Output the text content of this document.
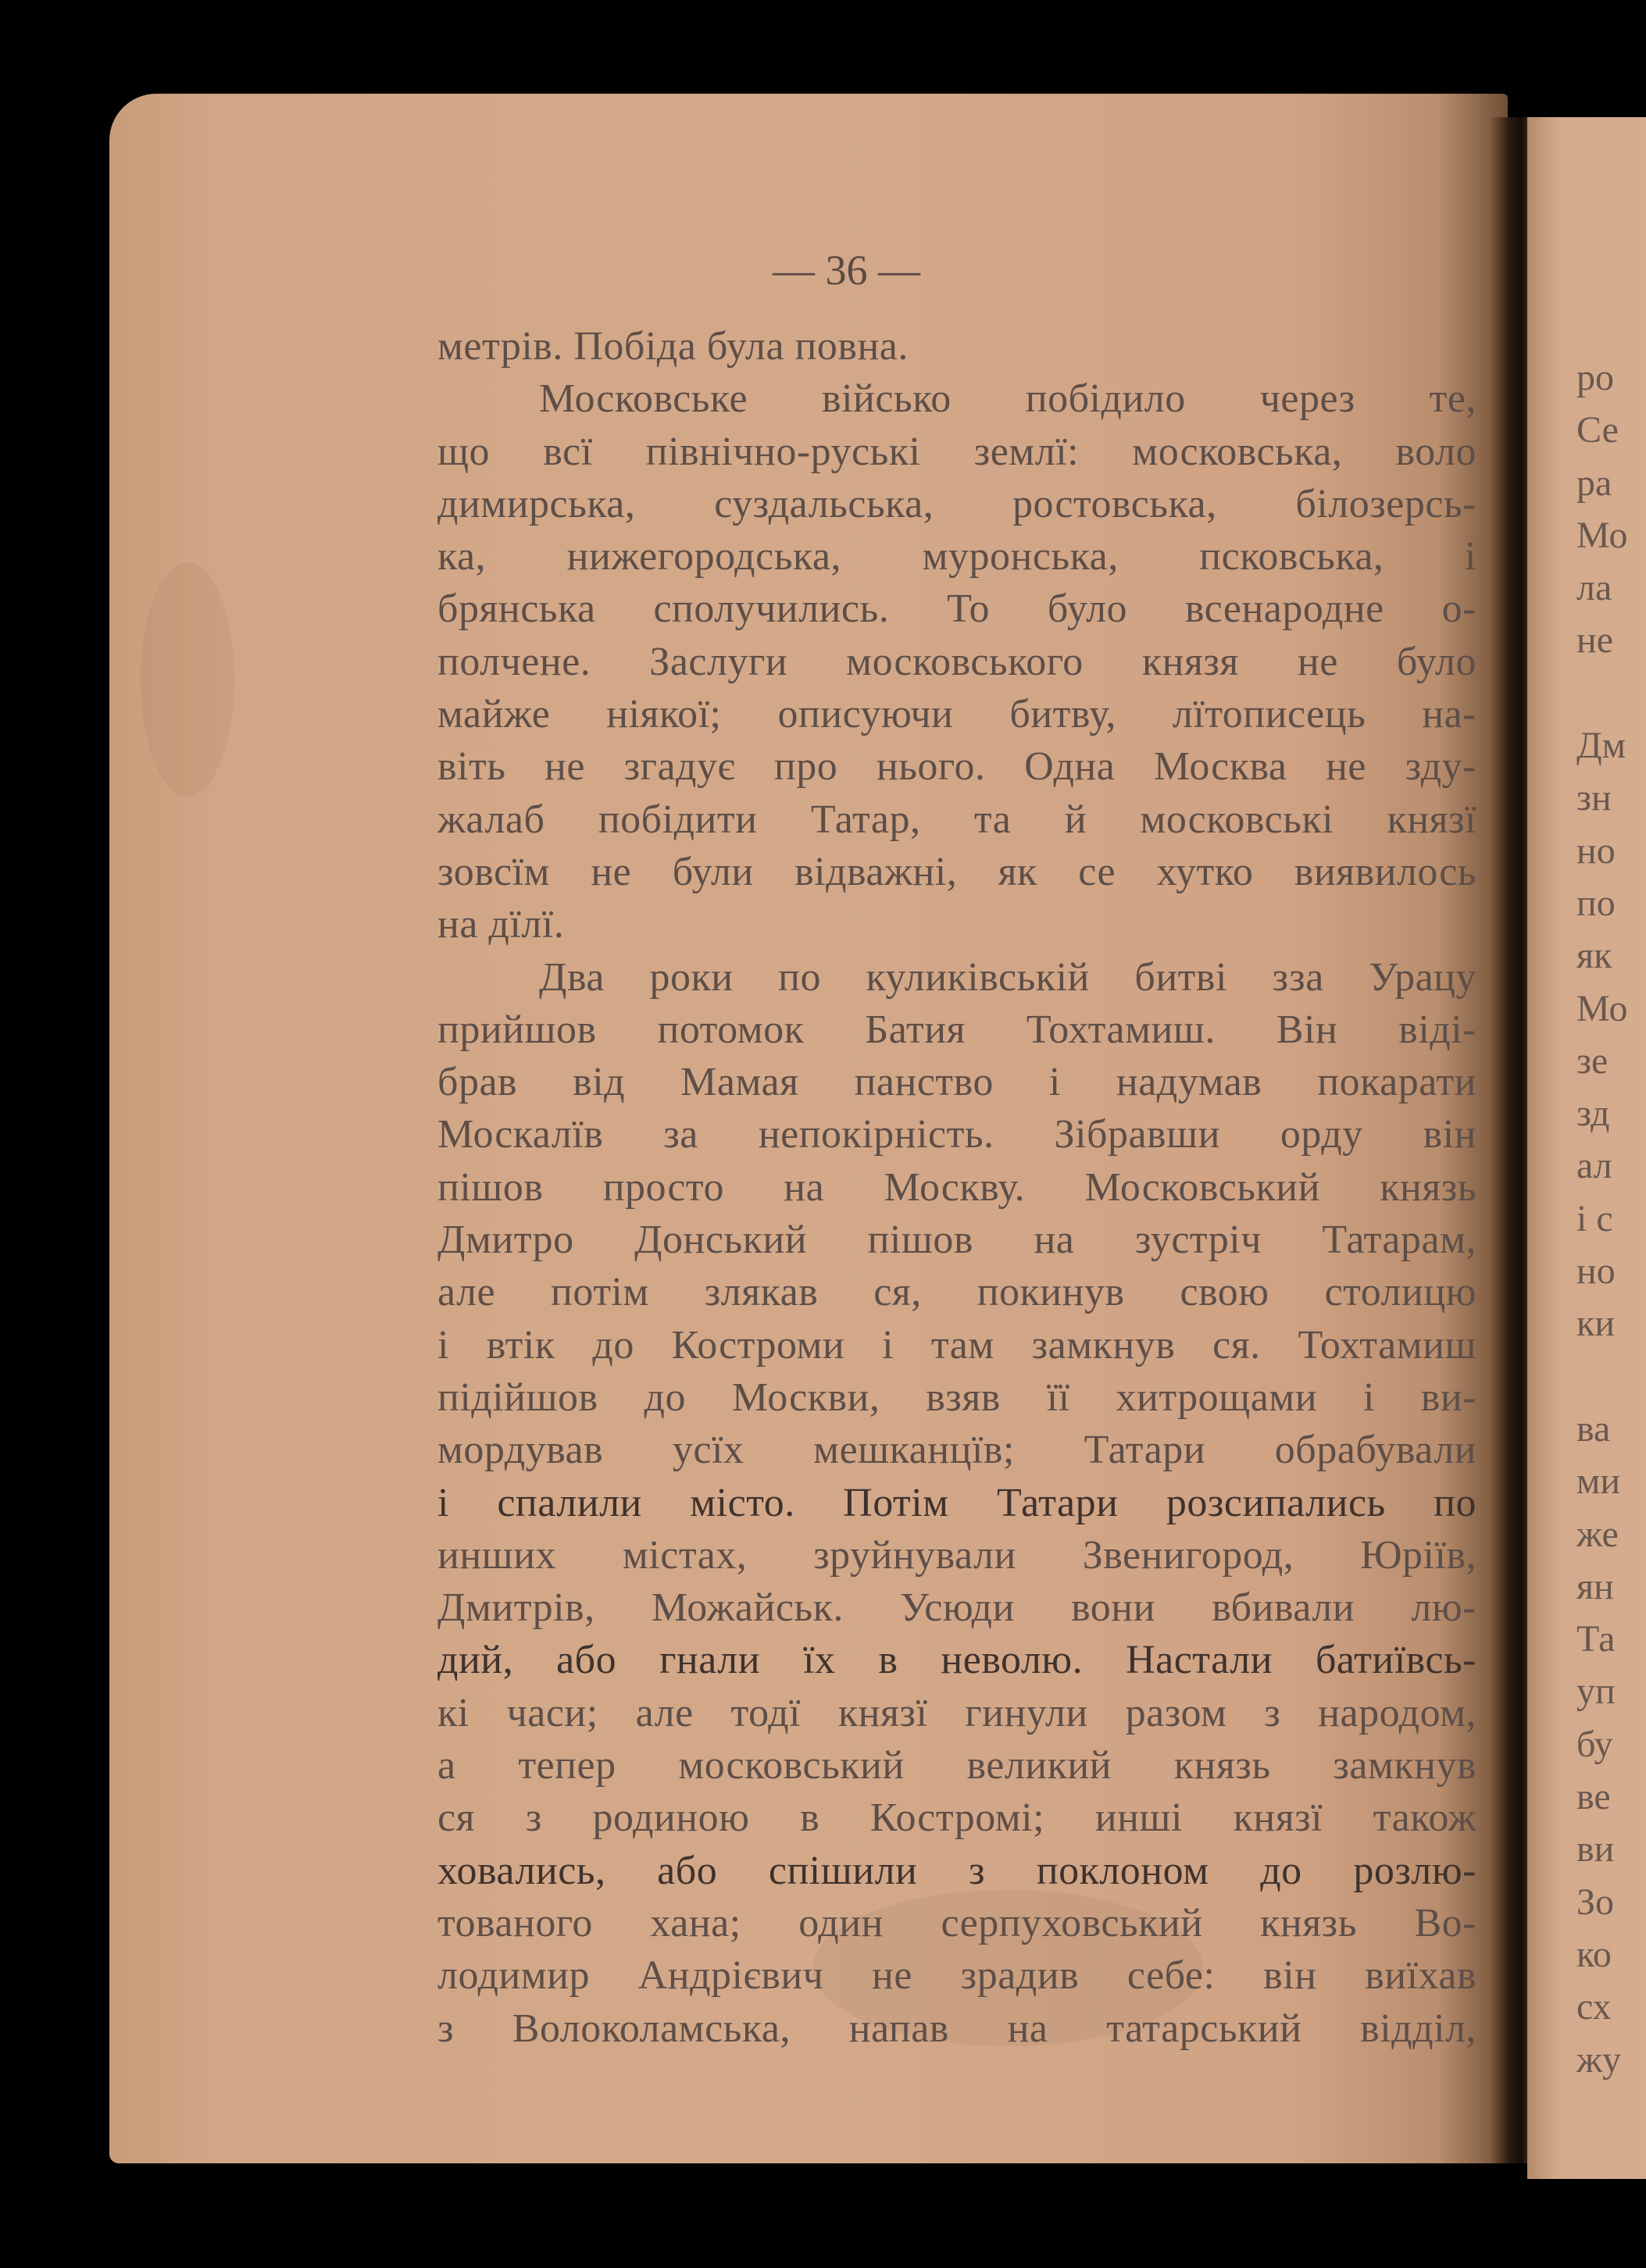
— 36 —
метрів. Побіда була повна.
Московське військо побідило через те,
що всї північно-руські землї: московська, воло
димирська, суздальська, ростовська, білозерсь-
ка, нижегородська, муронська, псковська, і
брянська сполучились. То було всенародне о-
полчене. Заслуги московського князя не було
майже ніякої; описуючи битву, лїтописець на-
віть не згадує про нього. Одна Москва не зду-
жалаб побідити Татар, та й московські князї
зовсїм не були відважні, як се хутко виявилось
на дїлї.
Два роки по куликівській битві зза Урацу
прийшов потомок Батия Тохтамиш. Він віді-
брав від Мамая панство і надумав покарати
Москалїв за непокірність. Зібравши орду він
пішов просто на Москву. Московський князь
Дмитро Донський пішов на зустріч Татарам,
але потім злякав ся, покинув свою столицю
і втік до Костроми і там замкнув ся. Тохтамиш
підійшов до Москви, взяв її хитрощами і ви-
мордував усїх мешканцїв; Татари обрабували
і спалили місто. Потім Татари розсипались по
инших містах, зруйнували Звенигород, Юріїв,
Дмитрів, Можайськ. Усюди вони вбивали лю-
дий, або гнали їх в неволю. Настали батиївсь-
кі часи; але тодї князї гинули разом з народом,
а тепер московський великий князь замкнув
ся з родиною в Костромі; инші князї також
ховались, або спішили з поклоном до розлю-
тованого хана; один серпуховський князь Во-
лодимир Андрієвич не зрадив себе: він виїхав
з Волоколамська, напав на татарський відділ,
ро
Се
ра
Мо
ла
не
Дм
зн
но
по
як
Мо
зе
зд
ал
і с
но
ки
ва
ми
же
ян
Та
уп
бу
ве
ви
Зо
ко
сх
жу
